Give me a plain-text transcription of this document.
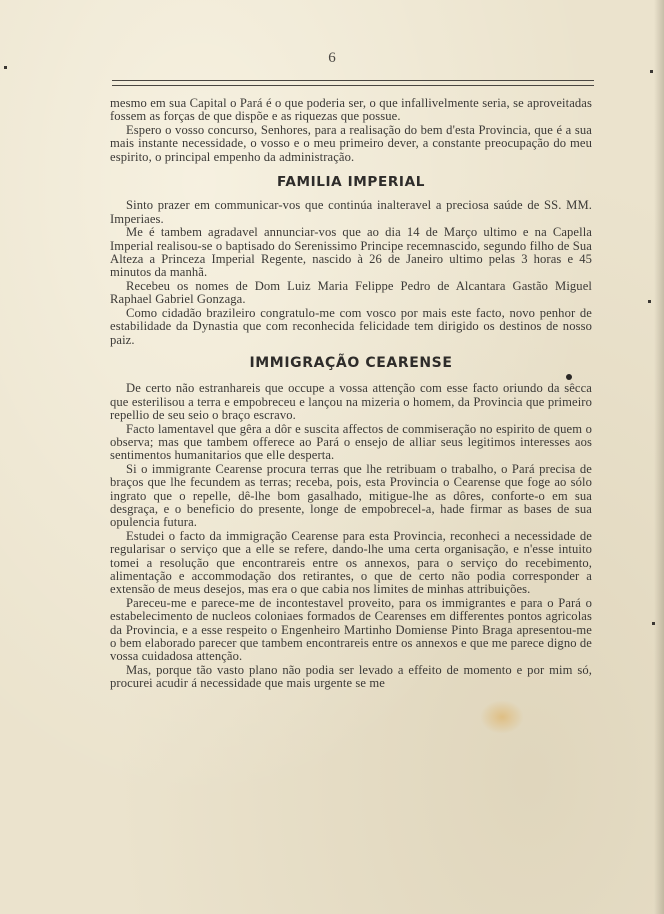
6

mesmo em sua Capital o Pará é o que poderia ser, o que infallivelmente seria, se aproveitadas fossem as forças de que dispõe e as riquezas que possue.

Espero o vosso concurso, Senhores, para a realisação do bem d'esta Provincia, que é a sua mais instante necessidade, o vosso e o meu primeiro dever, a constante preocupação do meu espirito, o principal empenho da administração.

FAMILIA IMPERIAL

Sinto prazer em communicar-vos que continúa inalteravel a preciosa saúde de SS. MM. Imperiaes.

Me é tambem agradavel annunciar-vos que ao dia 14 de Março ultimo e na Capella Imperial realisou-se o baptisado do Serenissimo Principe recemnascido, segundo filho de Sua Alteza a Princeza Imperial Regente, nascido à 26 de Janeiro ultimo pelas 3 horas e 45 minutos da manhã.

Recebeu os nomes de Dom Luiz Maria Felippe Pedro de Alcantara Gastão Miguel Raphael Gabriel Gonzaga.

Como cidadão brazileiro congratulo-me com vosco por mais este facto, novo penhor de estabilidade da Dynastia que com reconhecida felicidade tem dirigido os destinos de nosso paiz.

IMMIGRAÇÃO CEARENSE

De certo não estranhareis que occupe a vossa attenção com esse facto oriundo da sêcca que esterilisou a terra e empobreceu e lançou na mizeria o homem, da Provincia que primeiro repellio de seu seio o braço escravo.

Facto lamentavel que gêra a dôr e suscita affectos de commiseração no espirito de quem o observa; mas que tambem offerece ao Pará o ensejo de alliar seus legitimos interesses aos sentimentos humanitarios que elle desperta.

Si o immigrante Cearense procura terras que lhe retribuam o trabalho, o Pará precisa de braços que lhe fecundem as terras; receba, pois, esta Provincia o Cearense que foge ao sólo ingrato que o repelle, dê-lhe bom gasalhado, mitigue-lhe as dôres, conforte-o em sua desgraça, e o beneficio do presente, longe de empobrecel-a, hade firmar as bases de sua opulencia futura.

Estudei o facto da immigração Cearense para esta Provincia, reconheci a necessidade de regularisar o serviço que a elle se refere, dando-lhe uma certa organisação, e n'esse intuito tomei a resolução que encontrareis entre os annexos, para o serviço do recebimento, alimentação e accommodação dos retirantes, o que de certo não podia corresponder a extensão de meus desejos, mas era o que cabia nos limites de minhas attribuições.

Pareceu-me e parece-me de incontestavel proveito, para os immigrantes e para o Pará o estabelecimento de nucleos coloniaes formados de Cearenses em differentes pontos agricolas da Provincia, e a esse respeito o Engenheiro Martinho Domiense Pinto Braga apresentou-me o bem elaborado parecer que tambem encontrareis entre os annexos e que me parece digno de vossa cuidadosa attenção.

Mas, porque tão vasto plano não podia ser levado a effeito de momento e por mim só, procurei acudir á necessidade que mais urgente se me
